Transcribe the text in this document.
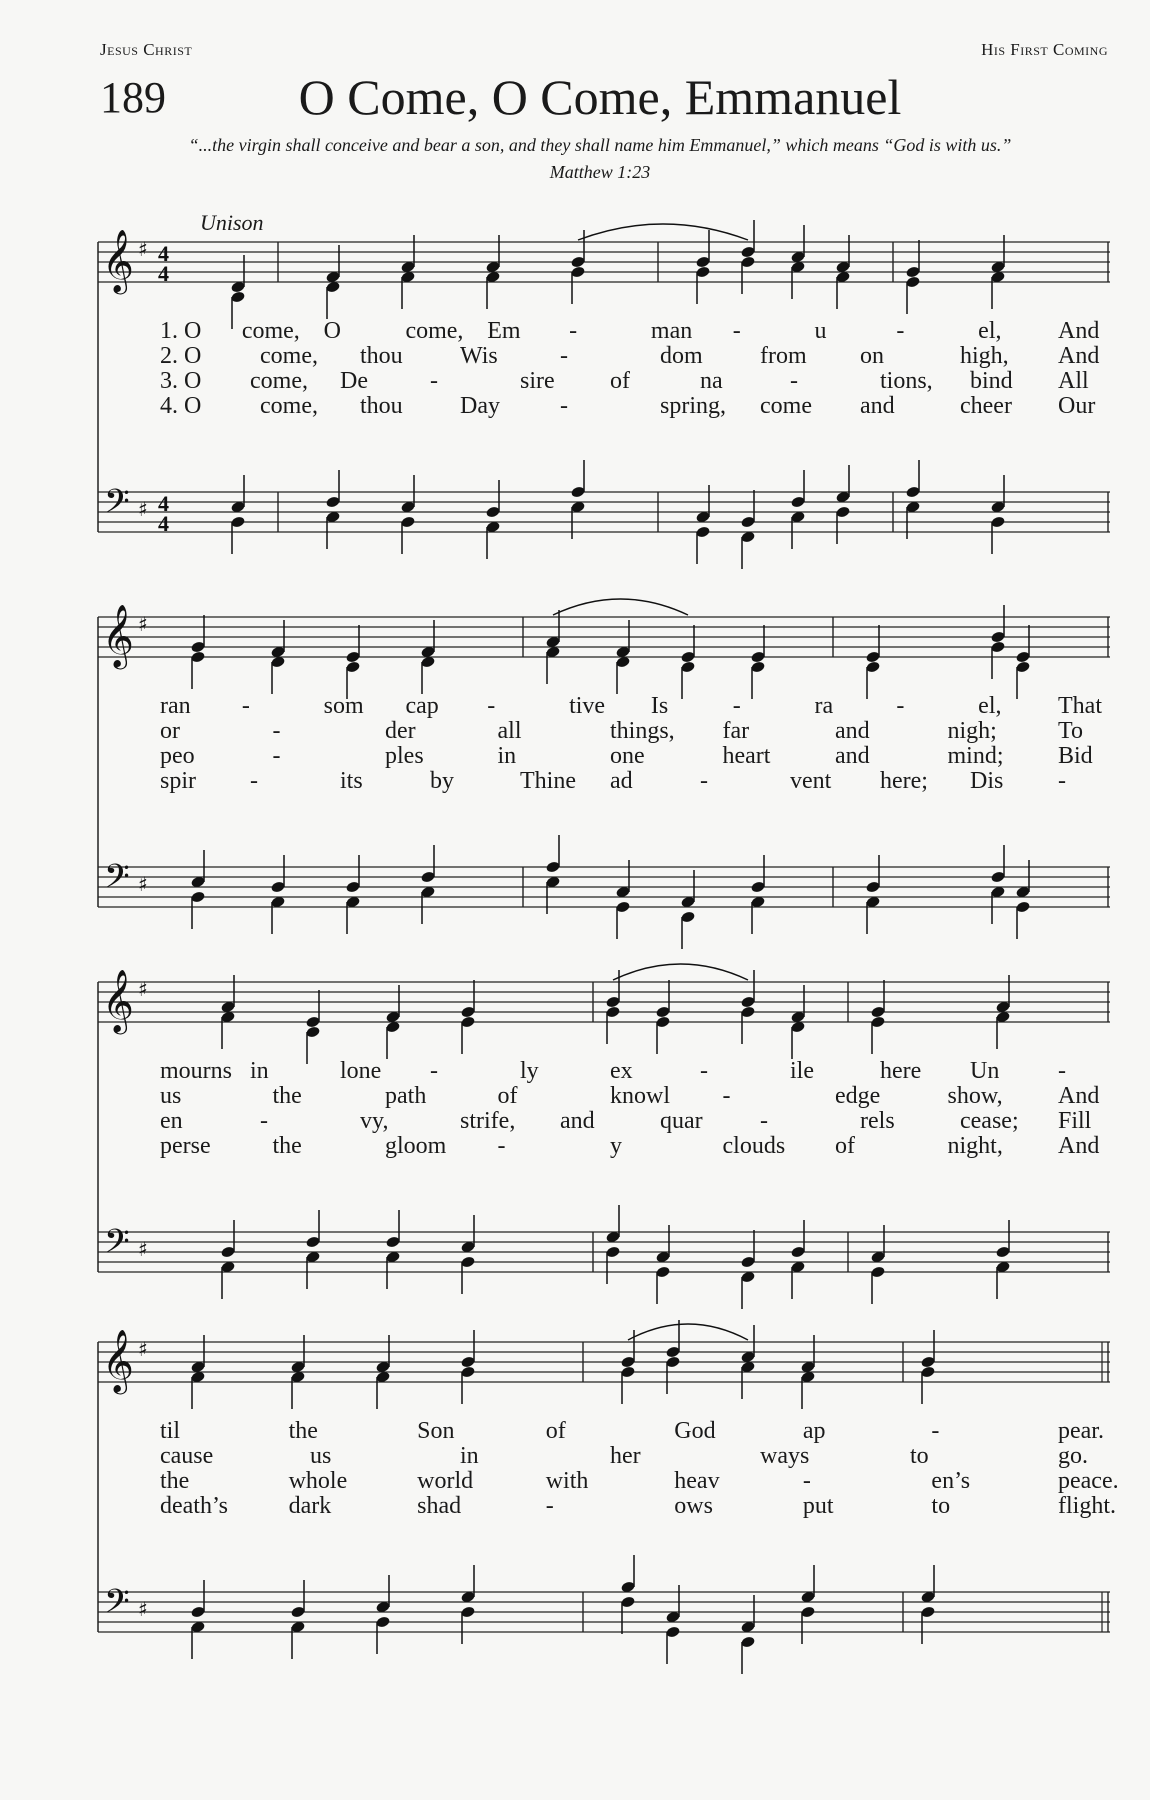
Jesus Christ	His First Coming
189	O Come, O Come, Emmanuel
“...the virgin shall conceive and bear a son, and they shall name him Emmanuel,” which means “God is with us.”
Matthew 1:23
Unison
𝄞
𝄢
♯
♯
4
4
4
4
1. O come, O	come, Em -	man -	u	-	el, And
2. O come, thou Wis	-	dom from on	high, And
3. O come, De	-	sire of	na	-	tions, bind All
4. O come, thou Day	-	spring, come and	cheer Our
𝄞
𝄢
♯
♯
ran -	som cap -	tive Is	-	ra	-	el, That
or	-	der	all	things, far	and	nigh;	To
peo	-	ples	in	one	heart	and	mind; Bid
spir -	its	by	Thine ad	-	vent here; Dis -
𝄞
𝄢
♯
♯
mourns in	lone -	ly	ex	-	ile	here Un -
us	the	path	of	knowl -	edge	show, And
en	-	vy,	strife, and	quar -	rels	cease; Fill
perse	the	gloom -	y	clouds of	night, And
𝄞
𝄢
♯
♯
til	the	Son	of	God	ap	-	pear.
cause	us	in	her	ways	to	go.
the	whole	world	with	heav	-	en’s	peace.
death’s	dark	shad	-	ows	put	to	flight.
